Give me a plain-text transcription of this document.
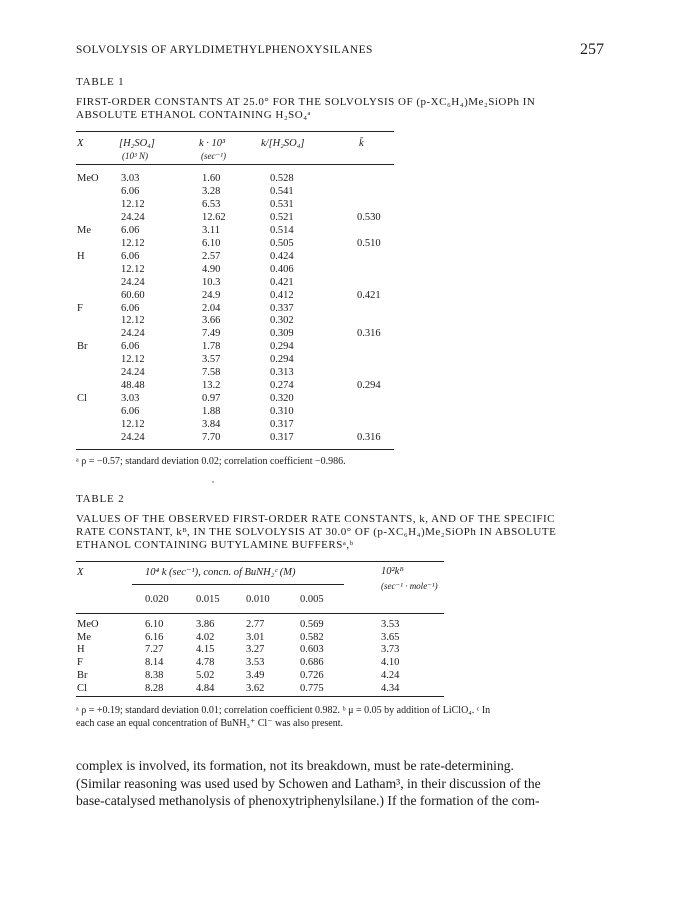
SOLVOLYSIS OF ARYLDIMETHYLPHENOXYSILANES	257
TABLE 1
FIRST-ORDER CONSTANTS AT 25.0° FOR THE SOLVOLYSIS OF (p-XC₆H₄)Me₂SiOPh IN
ABSOLUTE ETHANOL CONTAINING H₂SO₄ᵃ
X	[H₂SO₄]
(10³ N)
k · 10³
(sec⁻¹)
k/[H₂SO₄]	k̄
MeO 3.03	1.60	0.528
6.06	3.28	0.541
12.12	6.53	0.531
24.24	12.62	0.521	0.530
Me	6.06	3.11	0.514
12.12	6.10	0.505	0.510
H	6.06	2.57	0.424
12.12	4.90	0.406
24.24	10.3	0.421
60.60	24.9	0.412	0.421
F	6.06	2.04	0.337
12.12	3.66	0.302
24.24	7.49	0.309	0.316
Br	6.06	1.78	0.294
12.12	3.57	0.294
24.24	7.58	0.313
48.48	13.2	0.274	0.294
Cl	3.03	0.97	0.320
6.06	1.88	0.310
12.12	3.84	0.317
24.24	7.70	0.317	0.316
ᵃ ρ = −0.57; standard deviation 0.02; correlation coefficient −0.986.
TABLE 2
VALUES OF THE OBSERVED FIRST-ORDER RATE CONSTANTS, k, AND OF THE SPECIFIC
RATE CONSTANT, kᴮ, IN THE SOLVOLYSIS AT 30.0° OF (p-XC₆H₄)Me₂SiOPh IN ABSOLUTE
ETHANOL CONTAINING BUTYLAMINE BUFFERSᵃ,ᵇ
X	10⁴ k (sec⁻¹), concn. of BuNH₂ᶜ (M)	10²kᴮ
(sec⁻¹ · mole⁻¹)
0.020	0.015	0.010	0.005
MeO	6.10	3.86	2.77	0.569	3.53
Me	6.16	4.02	3.01	0.582	3.65
H	7.27	4.15	3.27	0.603	3.73
F	8.14	4.78	3.53	0.686	4.10
Br	8.38	5.02	3.49	0.726	4.24
Cl	8.28	4.84	3.62	0.775	4.34
ᵃ ρ = +0.19; standard deviation 0.01; correlation coefficient 0.982. ᵇ μ = 0.05 by addition of LiClO₄. ᶜ In
each case an equal concentration of BuNH₃⁺ Cl⁻ was also present.
complex is involved, its formation, not its breakdown, must be rate-determining.
(Similar reasoning was used used by Schowen and Latham³, in their discussion of the
base-catalysed methanolysis of phenoxytriphenylsilane.) If the formation of the com-
